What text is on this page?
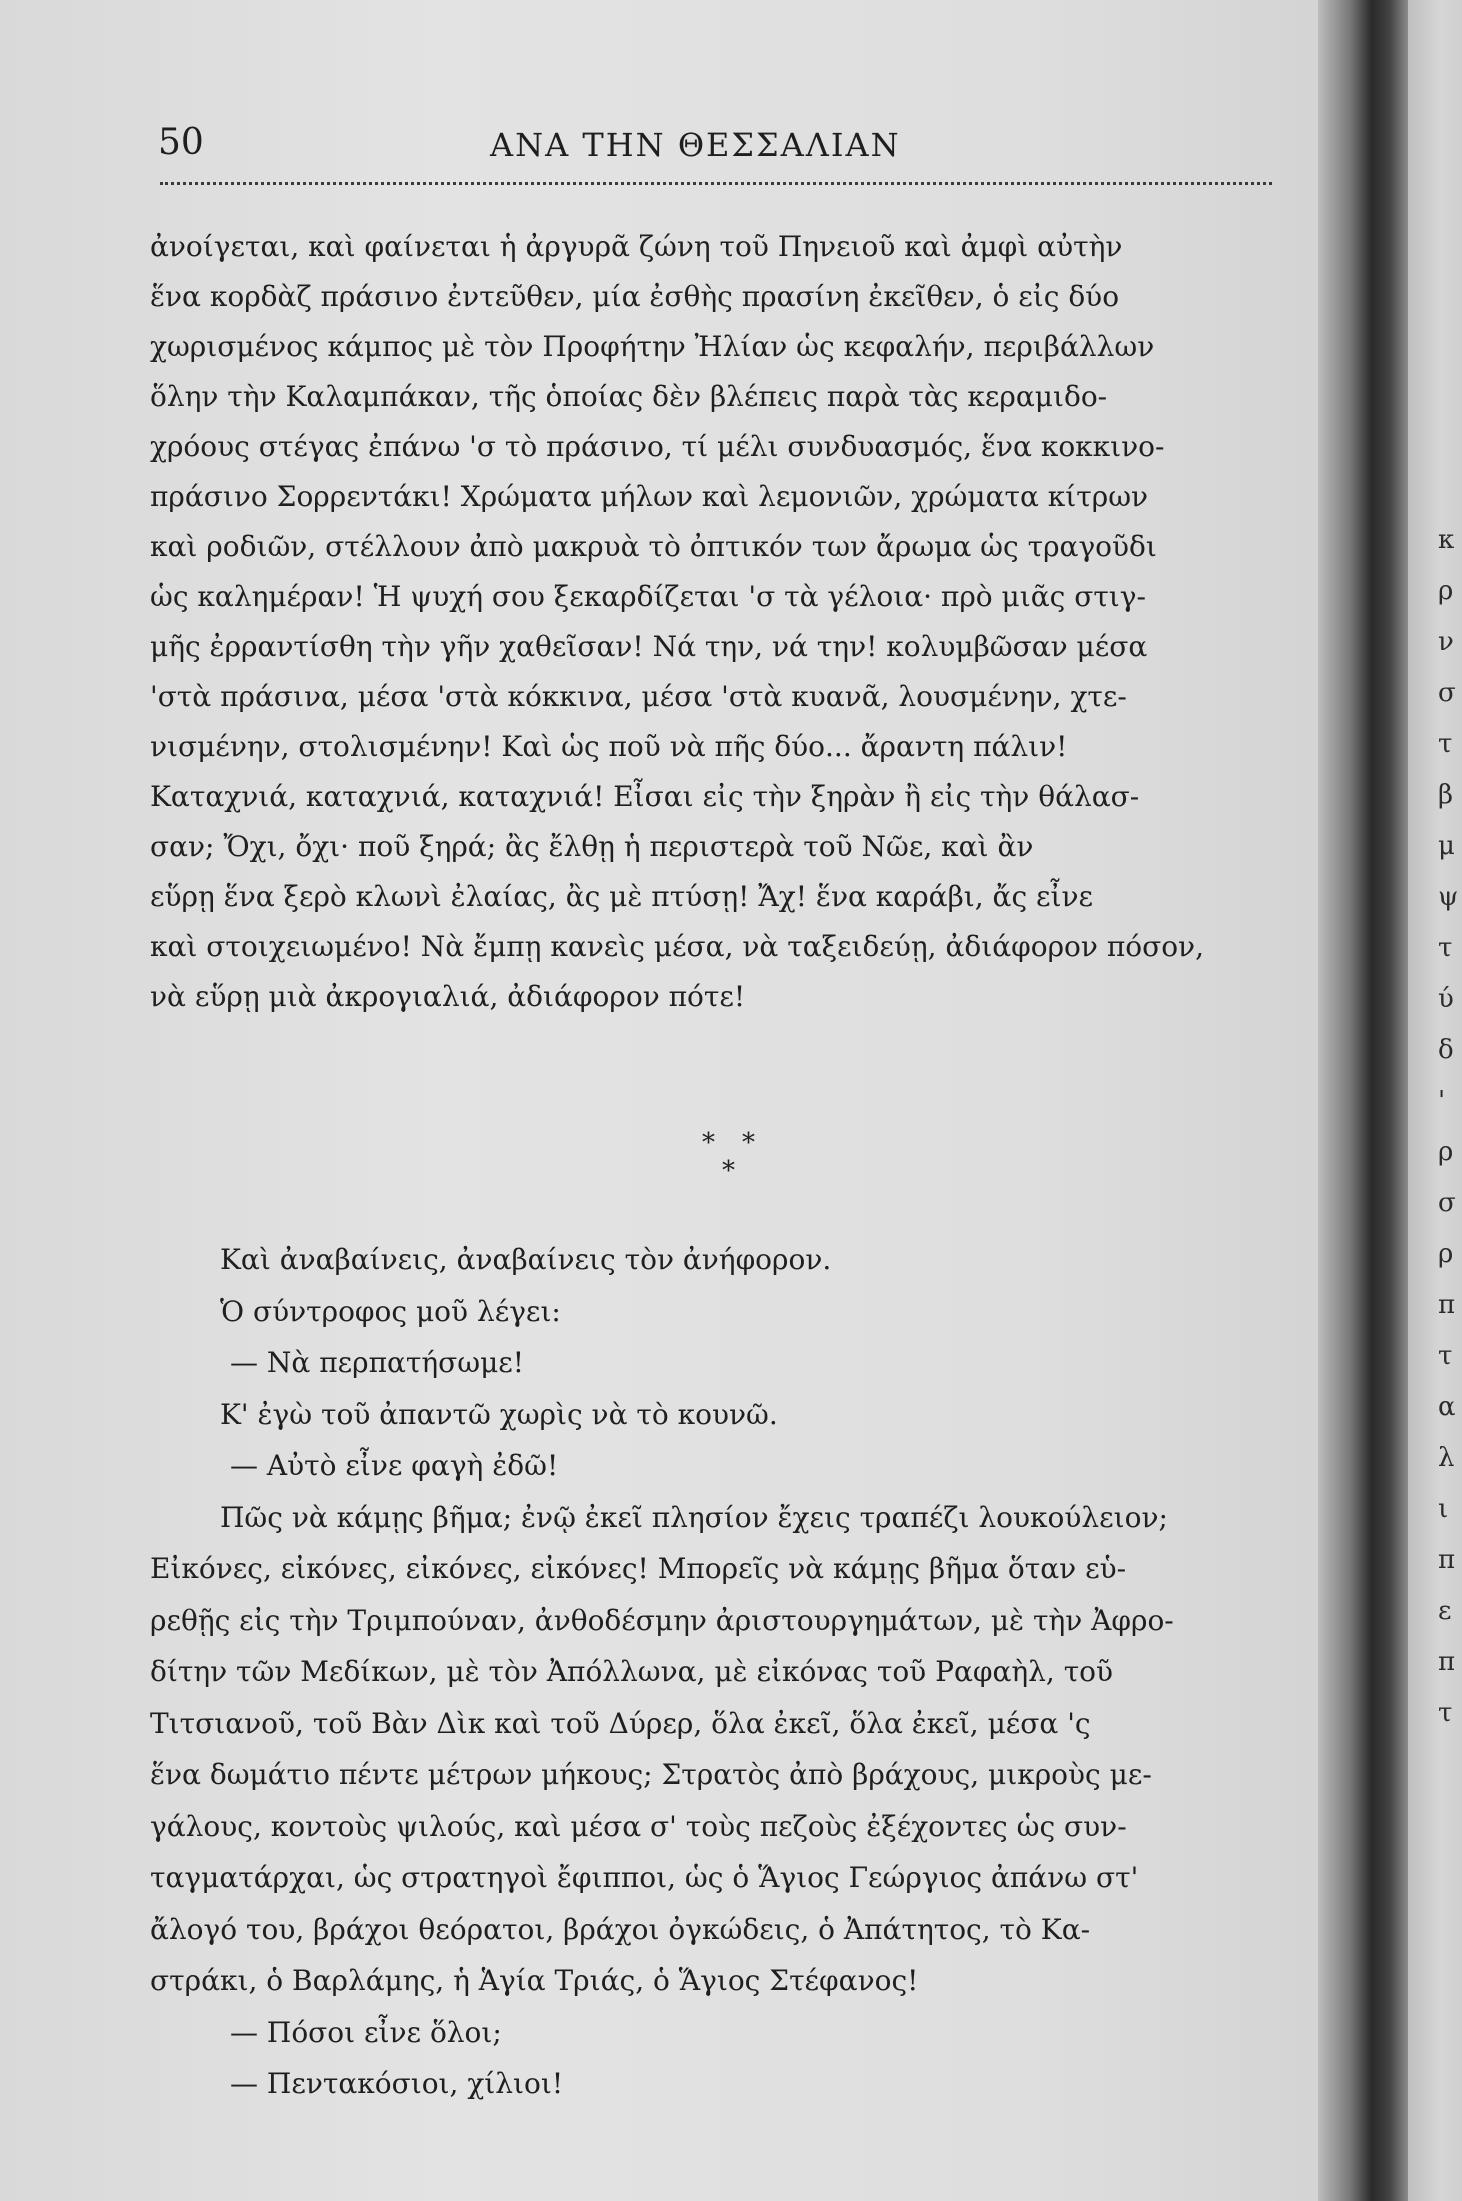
50	ΑΝΑ ΤΗΝ ΘΕΣΣΑΛΙΑΝ

ἀνοίγεται, καὶ φαίνεται ἡ ἀργυρᾶ ζώνη τοῦ Πηνειοῦ καὶ ἀμφὶ αὐτὴν
ἕνα κορδὰζ πράσινο ἐντεῦθεν, μία ἐσθὴς πρασίνη ἐκεῖθεν, ὁ εἰς δύο
χωρισμένος κάμπος μὲ τὸν Προφήτην Ἠλίαν ὡς κεφαλήν, περιβάλλων
ὅλην τὴν Καλαμπάκαν, τῆς ὁποίας δὲν βλέπεις παρὰ τὰς κεραμιδο-
χρόους στέγας ἐπάνω 'σ τὸ πράσινο, τί μέλι συνδυασμός, ἕνα κοκκινο-
πράσινο Σορρεντάκι! Χρώματα μήλων καὶ λεμονιῶν, χρώματα κίτρων
καὶ ροδιῶν, στέλλουν ἀπὸ μακρυὰ τὸ ὀπτικόν των ἄρωμα ὡς τραγοῦδι
ὡς καλημέραν! Ἡ ψυχή σου ξεκαρδίζεται 'σ τὰ γέλοια· πρὸ μιᾶς στιγ-
μῆς ἐρραντίσθη τὴν γῆν χαθεῖσαν! Νά την, νά την! κολυμβῶσαν μέσα
'στὰ πράσινα, μέσα 'στὰ κόκκινα, μέσα 'στὰ κυανᾶ, λουσμένην, χτε-
νισμένην, στολισμένην! Καὶ ὡς ποῦ νὰ πῆς δύο... ἄραντη πάλιν!
Καταχνιά, καταχνιά, καταχνιά! Εἶσαι εἰς τὴν ξηρὰν ἢ εἰς τὴν θάλασ-
σαν; Ὄχι, ὄχι· ποῦ ξηρά; ἂς ἔλθῃ ἡ περιστερὰ τοῦ Νῶε, καὶ ἂν
εὕρῃ ἕνα ξερὸ κλωνὶ ἐλαίας, ἂς μὲ πτύσῃ! Ἄχ! ἕνα καράβι, ἄς εἶνε
καὶ στοιχειωμένο! Νὰ ἔμπῃ κανεὶς μέσα, νὰ ταξειδεύῃ, ἀδιάφορον πόσον,
νὰ εὕρῃ μιὰ ἀκρογιαλιά, ἀδιάφορον πότε!

* *
*
Καὶ ἀναβαίνεις, ἀναβαίνεις τὸν ἀνήφορον.
Ὁ σύντροφος μοῦ λέγει:
— Νὰ περπατήσωμε!
Κ' ἐγὼ τοῦ ἀπαντῶ χωρὶς νὰ τὸ κουνῶ.
— Αὐτὸ εἶνε φαγὴ ἐδῶ!
Πῶς νὰ κάμῃς βῆμα; ἐνῷ ἐκεῖ πλησίον ἔχεις τραπέζι λουκούλειον;
Εἰκόνες, εἰκόνες, εἰκόνες, εἰκόνες! Μπορεῖς νὰ κάμῃς βῆμα ὅταν εὑ-
ρεθῇς εἰς τὴν Τριμπούναν, ἀνθοδέσμην ἀριστουργημάτων, μὲ τὴν Ἀφρο-
δίτην τῶν Μεδίκων, μὲ τὸν Ἀπόλλωνα, μὲ εἰκόνας τοῦ Ραφαὴλ, τοῦ
Τιτσιανοῦ, τοῦ Βὰν Δὶκ καὶ τοῦ Δύρερ, ὅλα ἐκεῖ, ὅλα ἐκεῖ, μέσα 'ς
ἕνα δωμάτιο πέντε μέτρων μήκους; Στρατὸς ἀπὸ βράχους, μικροὺς με-
γάλους, κοντοὺς ψιλούς, καὶ μέσα σ' τοὺς πεζοὺς ἐξέχοντες ὡς συν-
ταγματάρχαι, ὡς στρατηγοὶ ἔφιπποι, ὡς ὁ Ἅγιος Γεώργιος ἀπάνω στ'
ἄλογό του, βράχοι θεόρατοι, βράχοι ὀγκώδεις, ὁ Ἀπάτητος, τὸ Κα-
στράκι, ὁ Βαρλάμης, ἡ Ἁγία Τριάς, ὁ Ἅγιος Στέφανος!
— Πόσοι εἶνε ὅλοι;
— Πεντακόσιοι, χίλιοι!
κ
ρ
ν
σ
τ
β
μ
ψ
τ
ύ
δ
'
ρ
σ
ρ
π
τ
α
λ
ι
π
ε
π
τ
